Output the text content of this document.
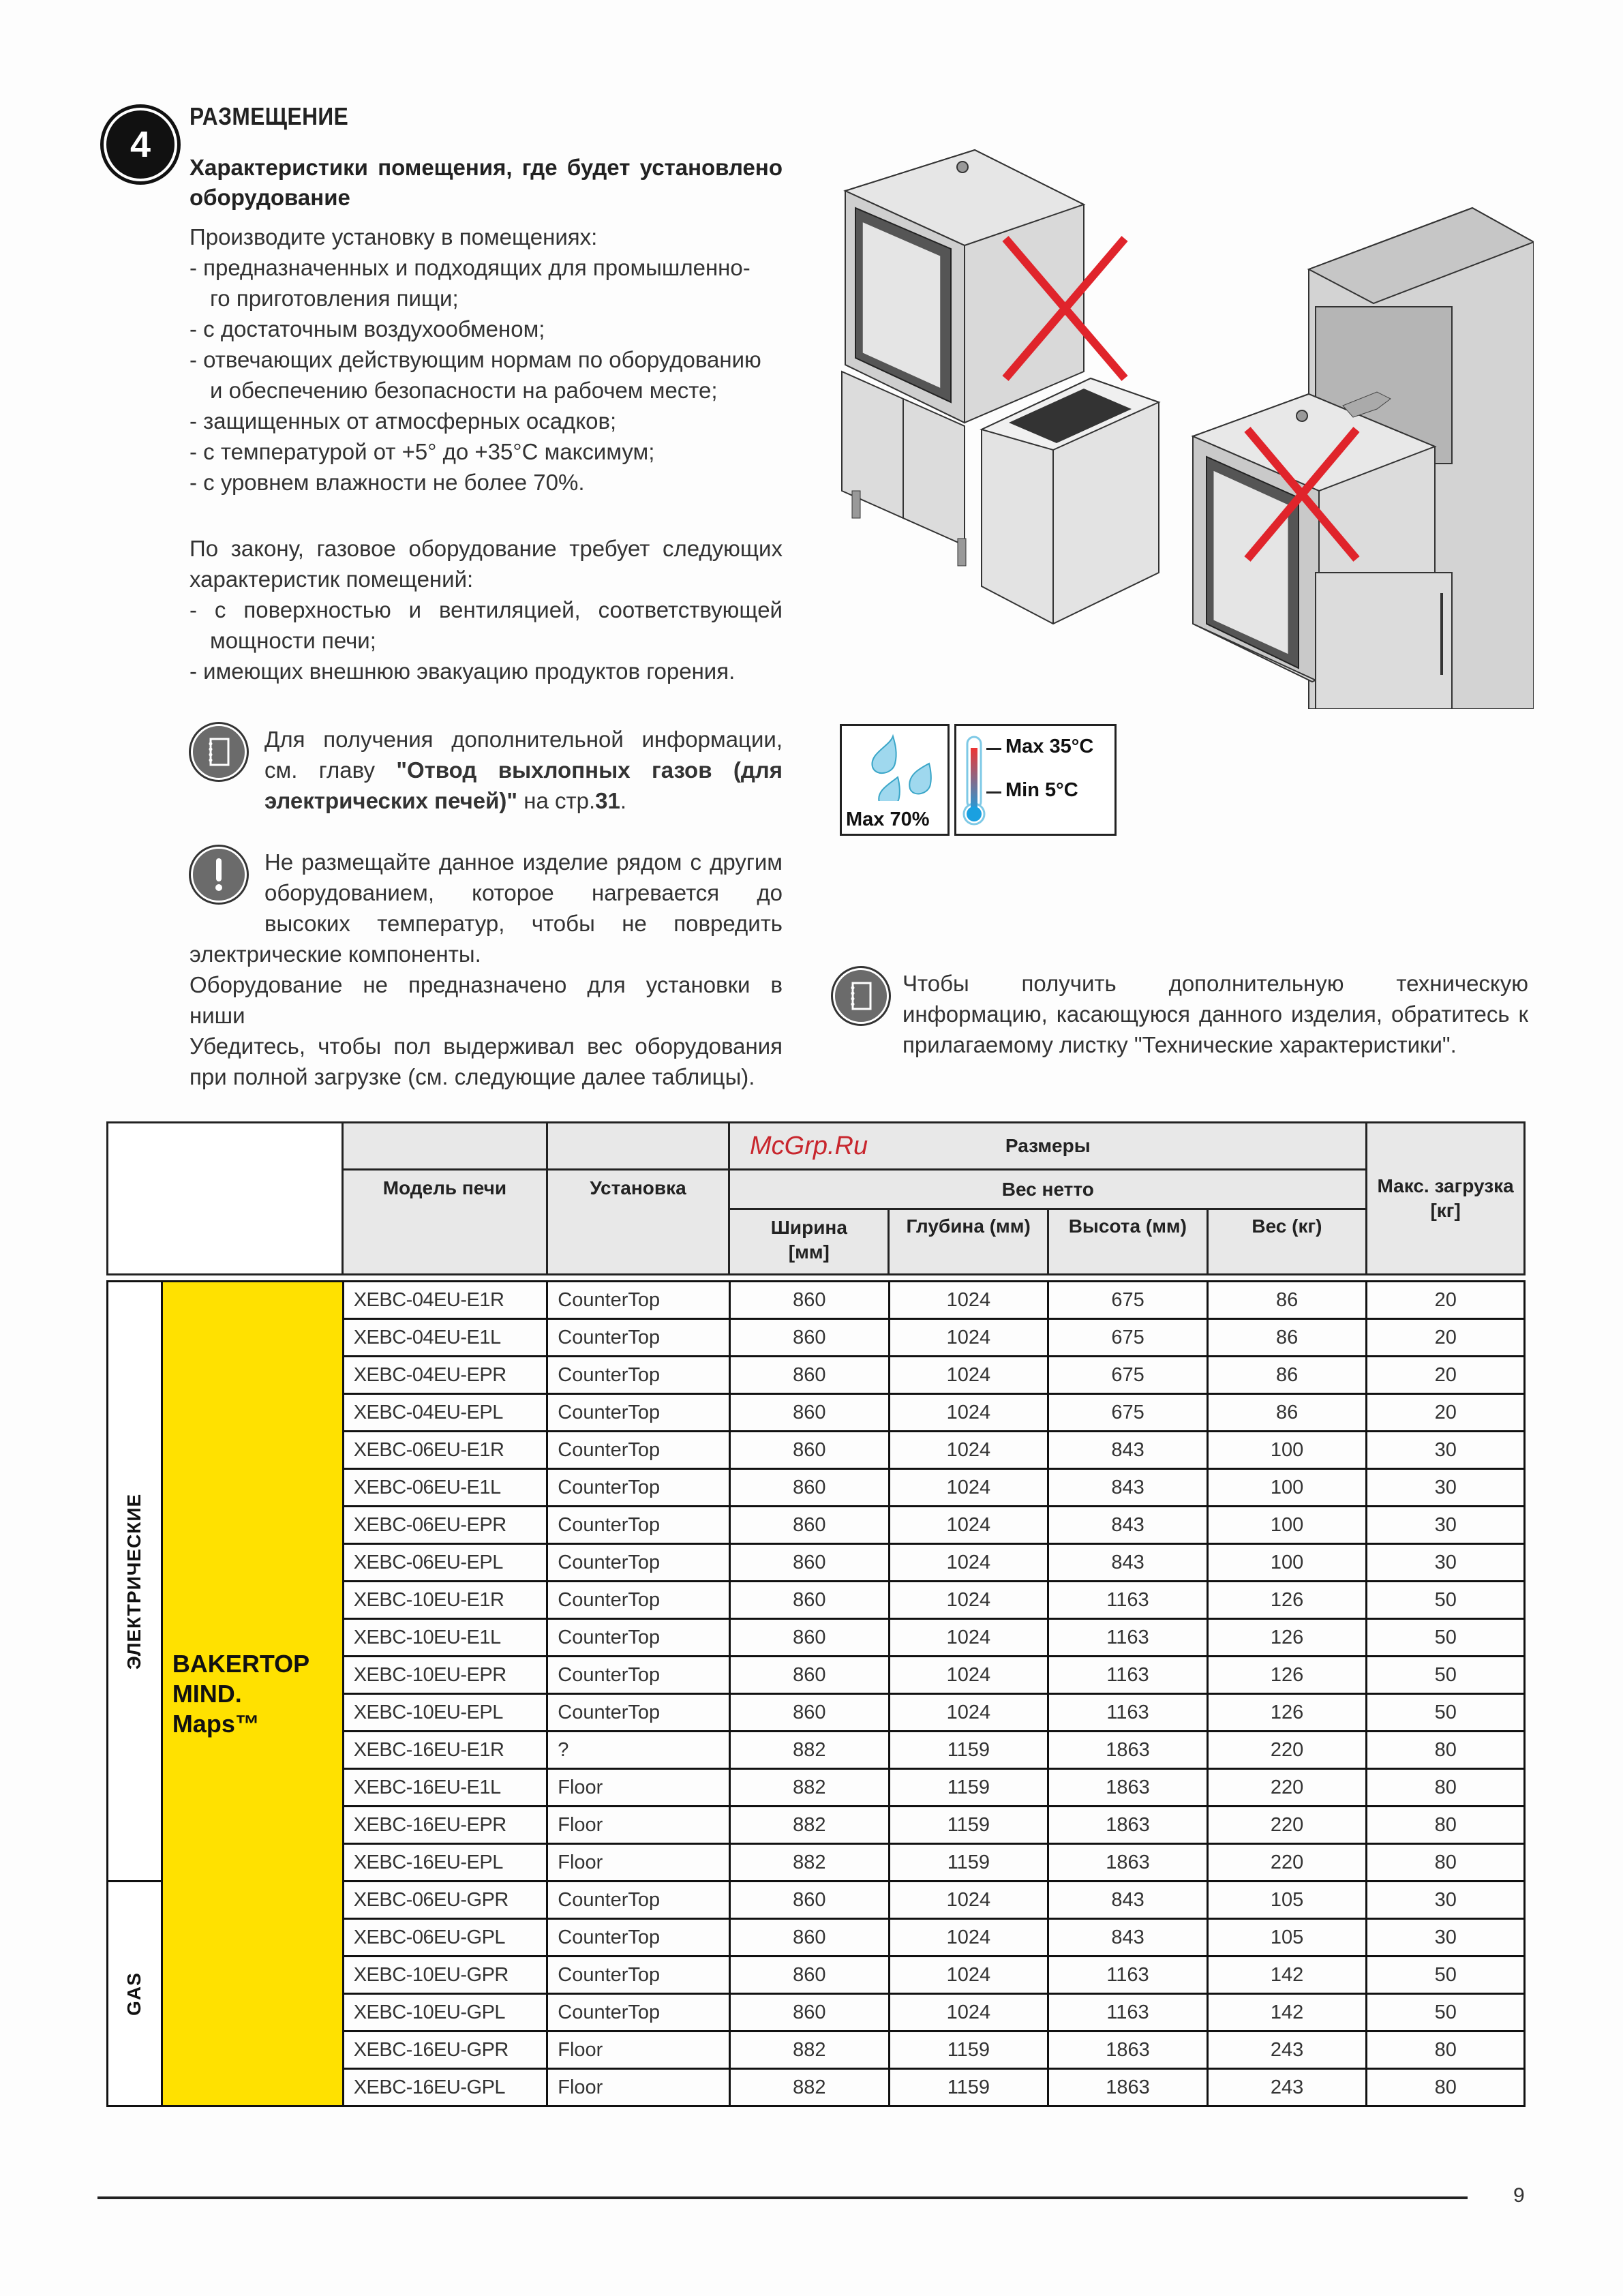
4
РАЗМЕЩЕНИЕ
Характеристики помещения, где будет установлено оборудование
Производите установку в помещениях:
- предназначенных и подходящих для промышленно-
го приготовления пищи;
- с достаточным воздухообменом;
- отвечающих действующим нормам по оборудованию
и обеспечению безопасности на рабочем месте;
- защищенных от атмосферных осадков;
- с температурой от +5° до +35°С максимум;
- с уровнем влажности не более 70%.
По закону, газовое оборудование требует следующих
характеристик помещений:
- с поверхностью и вентиляцией, соответствующей
мощности печи;
- имеющих внешнюю эвакуацию продуктов горения.
Для получения дополнительной информации,
см. главу "Отвод выхлопных газов (для
электрических печей)" на стр.31.
Не размещайте данное изделие рядом с другим
оборудованием, которое нагревается до
высоких температур, чтобы не повредить
электрические компоненты.
Оборудование не предназначено для установки в
ниши
Убедитесь, чтобы пол выдерживал вес оборудования
при полной загрузке (см. следующие далее таблицы).
Max 70%
Max 35°C
Min 5°C
Чтобы получить дополнительную техническую
информацию, касающуюся данного изделия, обратитесь к
прилагаемому листку "Технические характеристики".
			Размеры				Макс. загрузка [кг]
	Модель печи	Установка	Вес нетто				
			Ширина [мм]	Глубина (мм)	Высота (мм)	Вес (кг)	
McGrp.Ru
ЭЛЕКТРИЧЕСКИЕ	BAKERTOP
MIND.
Maps™	XEBC-04EU-E1R	CounterTop	860	1024	675	86	20
		XEBC-04EU-E1L	CounterTop	860	1024	675	86	20
		XEBC-04EU-EPR	CounterTop	860	1024	675	86	20
		XEBC-04EU-EPL	CounterTop	860	1024	675	86	20
		XEBC-06EU-E1R	CounterTop	860	1024	843	100	30
		XEBC-06EU-E1L	CounterTop	860	1024	843	100	30
		XEBC-06EU-EPR	CounterTop	860	1024	843	100	30
		XEBC-06EU-EPL	CounterTop	860	1024	843	100	30
		XEBC-10EU-E1R	CounterTop	860	1024	1163	126	50
		XEBC-10EU-E1L	CounterTop	860	1024	1163	126	50
		XEBC-10EU-EPR	CounterTop	860	1024	1163	126	50
		XEBC-10EU-EPL	CounterTop	860	1024	1163	126	50
		XEBC-16EU-E1R	?	882	1159	1863	220	80
		XEBC-16EU-E1L	Floor	882	1159	1863	220	80
		XEBC-16EU-EPR	Floor	882	1159	1863	220	80
		XEBC-16EU-EPL	Floor	882	1159	1863	220	80

GAS		XEBC-06EU-GPR	CounterTop	860	1024	843	105	30
		XEBC-06EU-GPL	CounterTop	860	1024	843	105	30
		XEBC-10EU-GPR	CounterTop	860	1024	1163	142	50
		XEBC-10EU-GPL	CounterTop	860	1024	1163	142	50
		XEBC-16EU-GPR	Floor	882	1159	1863	243	80
		XEBC-16EU-GPL	Floor	882	1159	1863	243	80
9
